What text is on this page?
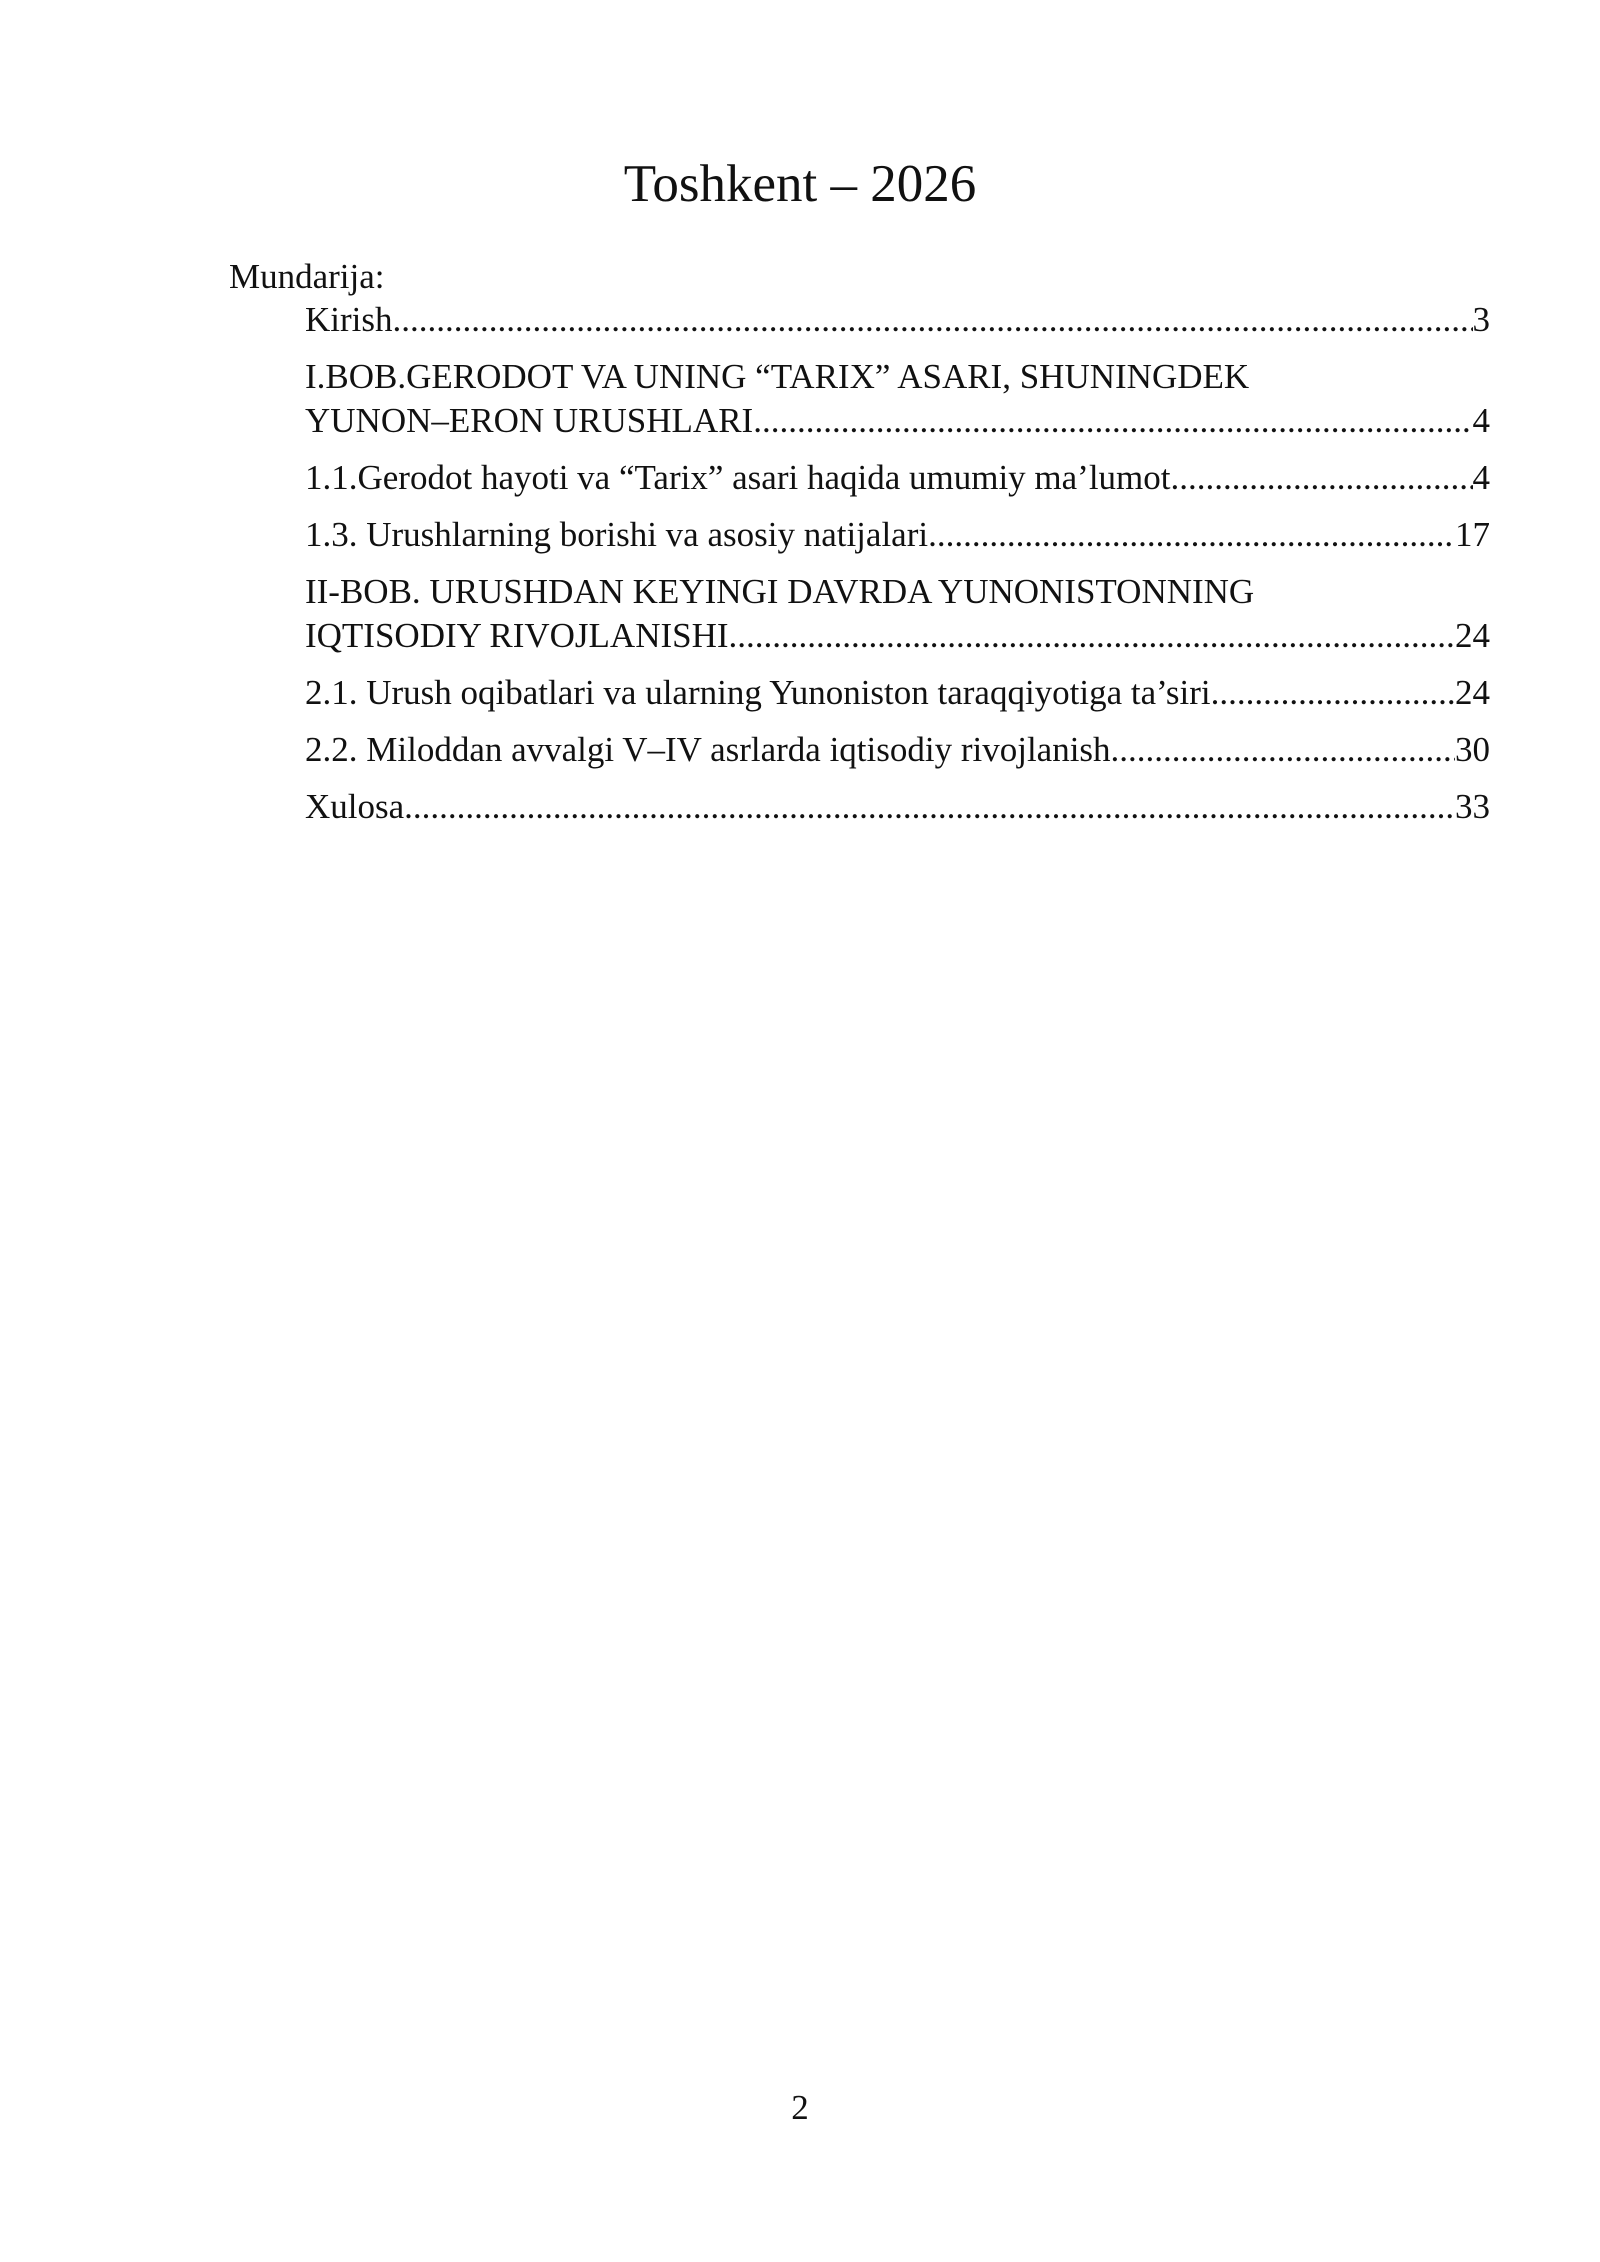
Toshkent – 2026
Mundarija:
Kirish .....	3
I.BOB.GERODOT VA UNING “TARIX” ASARI, SHUNINGDEK
YUNON–ERON URUSHLARI .....	4
1.1.Gerodot hayoti va “Tarix” asari haqida umumiy ma’lumot .....	4
1.3. Urushlarning borishi va asosiy natijalari .....	17
II-BOB. URUSHDAN KEYINGI DAVRDA YUNONISTONNING
IQTISODIY RIVOJLANISHI .....	24
2.1. Urush oqibatlari va ularning Yunoniston taraqqiyotiga ta’siri .....	24
2.2. Miloddan avvalgi V–IV asrlarda iqtisodiy rivojlanish .....	30
Xulosa .....	33
2
